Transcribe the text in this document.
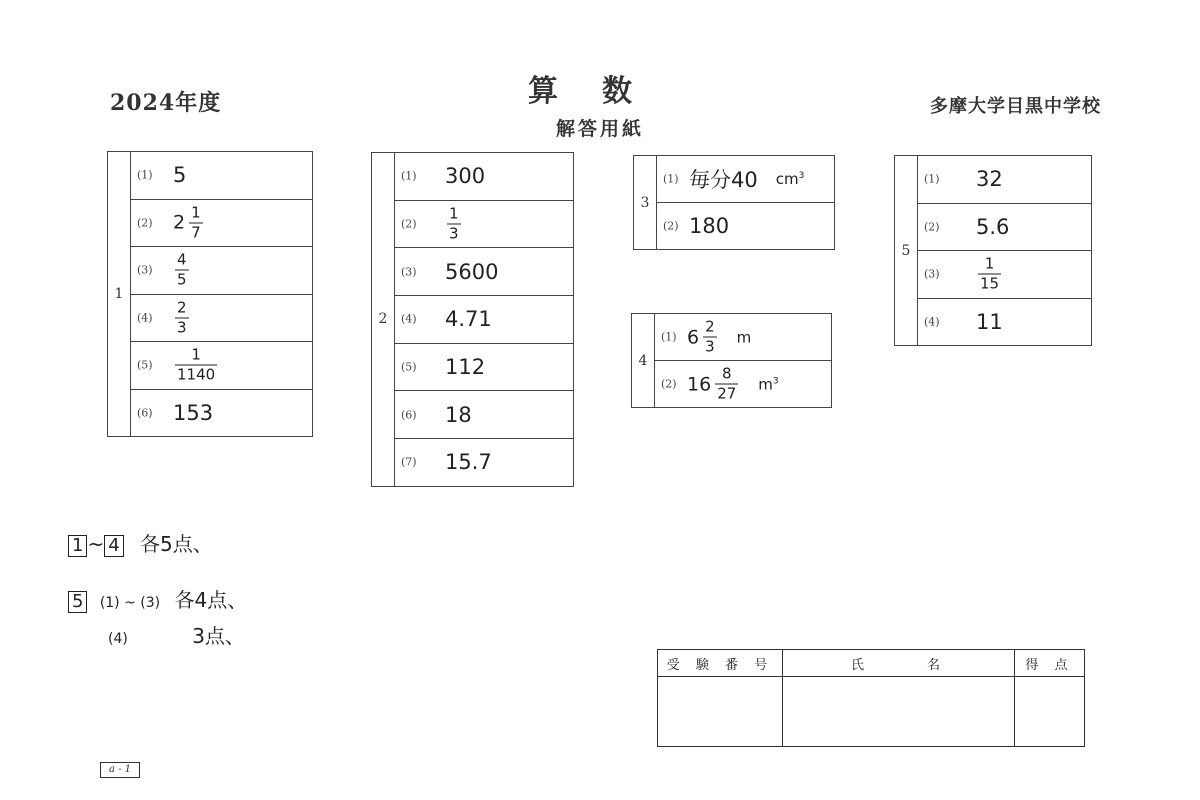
2024年度	算数
解答用紙
多摩大学目黒中学校
1	
(1) 5

(2) $2 \frac{1}{7}$

$(3) \frac{4}{5}$

$(4) \frac{2}{3}$

$(5) \frac{1}{1140}$

(6) 153
2	
(1) 300

$(2) \frac{1}{3}$

(3) 5600

(4) 4.71

(5) 112

(6) 18

(7) 15.7
3	
(1) 毎分40 $cm^3$

(2) 180
4	
(1) $6 \frac{2}{3}$ m

(2) $16 \frac{8}{27} m^3$
5	
(1) 32

(2) 5.6

(3)	$\frac{1}{15}$

(4) 11
1 ~ 4 各5点、
5 (1) ~ (3) 各4点、
(4)	3点、
受 験 番 号	氏　　　名	得 点

a - 1
